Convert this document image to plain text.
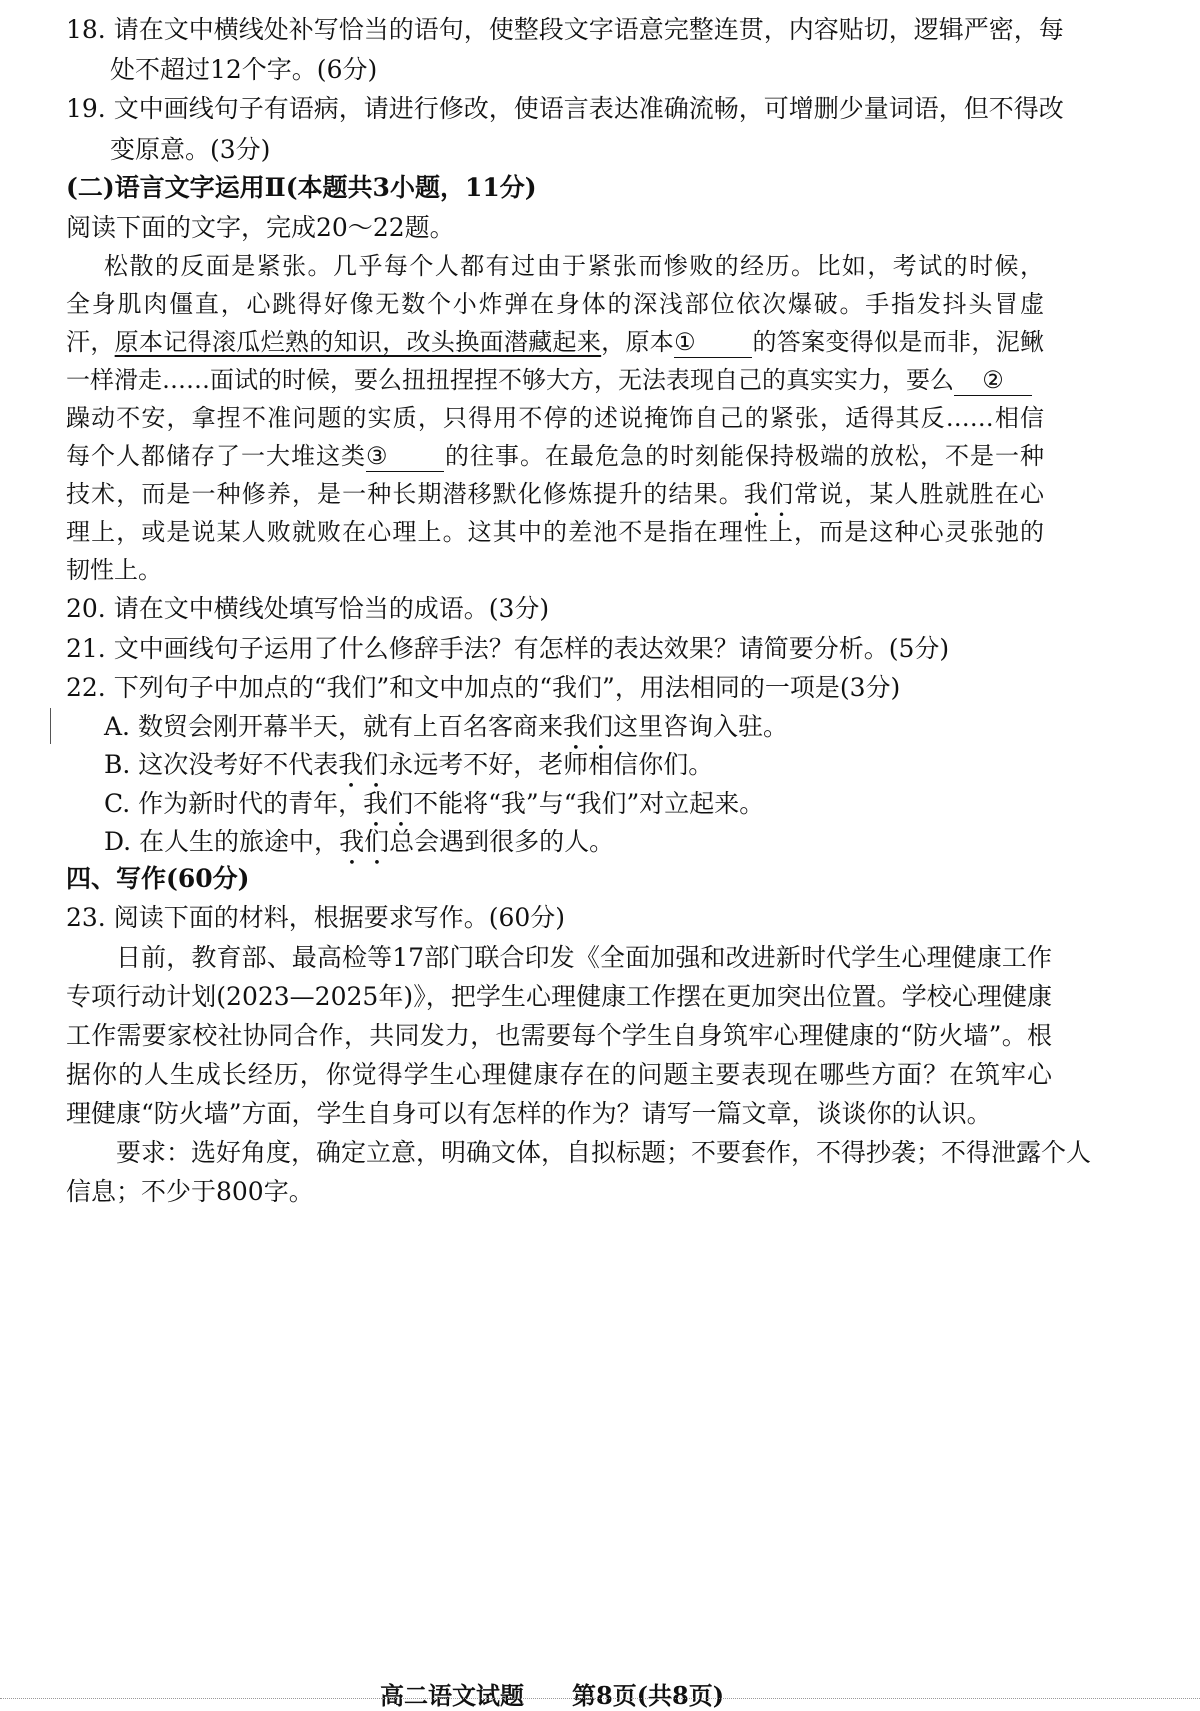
18. 请在文中横线处补写恰当的语句，使整段文字语意完整连贯，内容贴切，逻辑严密，每
处不超过12个字。(6分)
19. 文中画线句子有语病，请进行修改，使语言表达准确流畅，可增删少量词语，但不得改
变原意。(3分)
(二)语言文字运用Ⅱ(本题共3小题，11分)
阅读下面的文字，完成20～22题。
松散的反面是紧张。几乎每个人都有过由于紧张而惨败的经历。比如，考试的时候，
全身肌肉僵直，心跳得好像无数个小炸弹在身体的深浅部位依次爆破。手指发抖头冒虚
汗，原本记得滚瓜烂熟的知识，改头换面潜藏起来，原本① 的答案变得似是而非，泥鳅
一样滑走……面试的时候，要么扭扭捏捏不够大方，无法表现自己的真实实力，要么 ②
躁动不安，拿捏不准问题的实质，只得用不停的述说掩饰自己的紧张，适得其反……相信
每个人都储存了一大堆这类③ 的往事。在最危急的时刻能保持极端的放松，不是一种
技术，而是一种修养，是一种长期潜移默化修炼提升的结果。我们常说，某人胜就胜在心
理上，或是说某人败就败在心理上。这其中的差池不是指在理性上，而是这种心灵张弛的
韧性上。
20. 请在文中横线处填写恰当的成语。(3分)
21. 文中画线句子运用了什么修辞手法？有怎样的表达效果？请简要分析。(5分)
22. 下列句子中加点的“我们”和文中加点的“我们”，用法相同的一项是(3分)
A. 数贸会刚开幕半天，就有上百名客商来我们这里咨询入驻。
B. 这次没考好不代表我们永远考不好，老师相信你们。
C. 作为新时代的青年，我们不能将“我”与“我们”对立起来。
D. 在人生的旅途中，我们总会遇到很多的人。
四、写作(60分)
23. 阅读下面的材料，根据要求写作。(60分)
日前，教育部、最高检等17部门联合印发《全面加强和改进新时代学生心理健康工作
专项行动计划(2023—2025年)》，把学生心理健康工作摆在更加突出位置。学校心理健康
工作需要家校社协同合作，共同发力，也需要每个学生自身筑牢心理健康的“防火墙”。根
据你的人生成长经历，你觉得学生心理健康存在的问题主要表现在哪些方面？在筑牢心
理健康“防火墙”方面，学生自身可以有怎样的作为？请写一篇文章，谈谈你的认识。
要求：选好角度，确定立意，明确文体，自拟标题；不要套作，不得抄袭；不得泄露个人
信息；不少于800字。
高二语文试题　　第8页(共8页)
